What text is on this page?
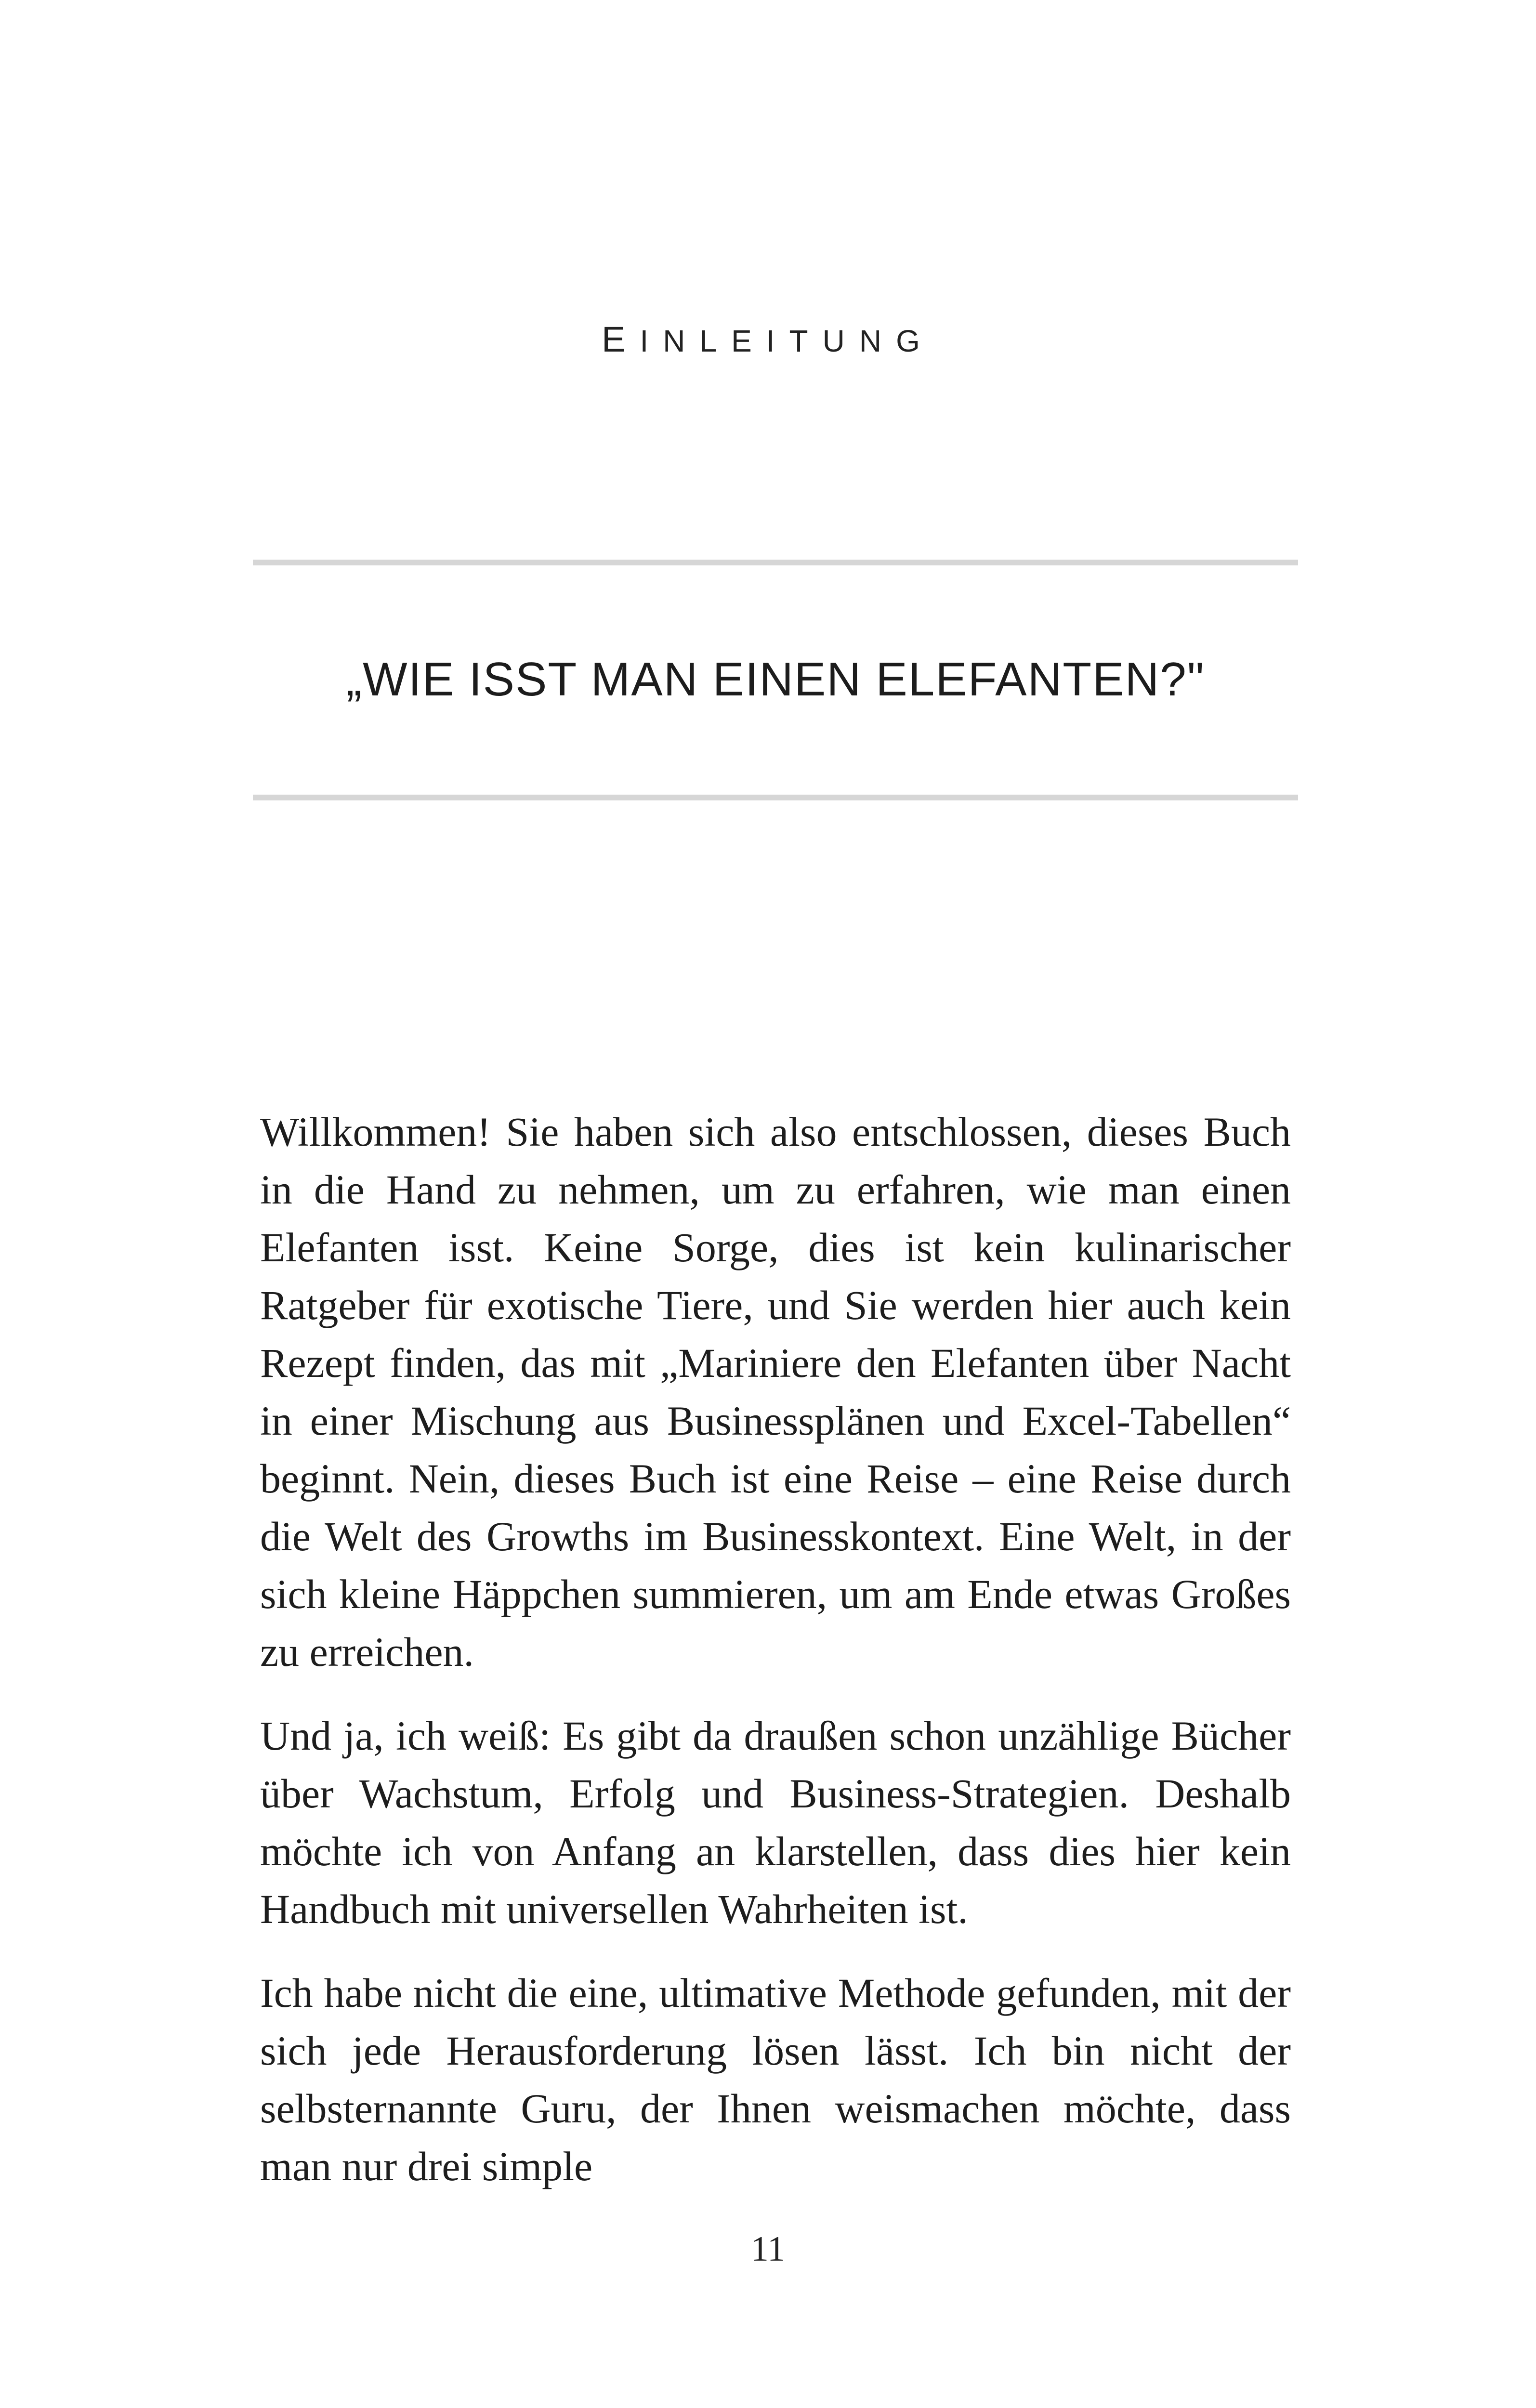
EINLEITUNG
„WIE ISST MAN EINEN ELEFANTEN?"

Willkommen! Sie haben sich also entschlossen, dieses Buch in die Hand zu nehmen, um zu erfahren, wie man einen Elefanten isst. Keine Sorge, dies ist kein kulinarischer Ratgeber für exotische Tiere, und Sie werden hier auch kein Rezept finden, das mit „Mariniere den Elefanten über Nacht in einer Mischung aus Businessplänen und Excel-Tabellen“ beginnt. Nein, dieses Buch ist eine Reise – eine Reise durch die Welt des Growths im Businesskontext. Eine Welt, in der sich kleine Häppchen summieren, um am Ende etwas Großes zu erreichen.

Und ja, ich weiß: Es gibt da draußen schon unzählige Bücher über Wachstum, Erfolg und Business-Strategien. Deshalb möchte ich von Anfang an klarstellen, dass dies hier kein Handbuch mit universellen Wahrheiten ist.

Ich habe nicht die eine, ultimative Methode gefunden, mit der sich jede Herausforderung lösen lässt. Ich bin nicht der selbsternannte Guru, der Ihnen weismachen möchte, dass man nur drei simple

11
